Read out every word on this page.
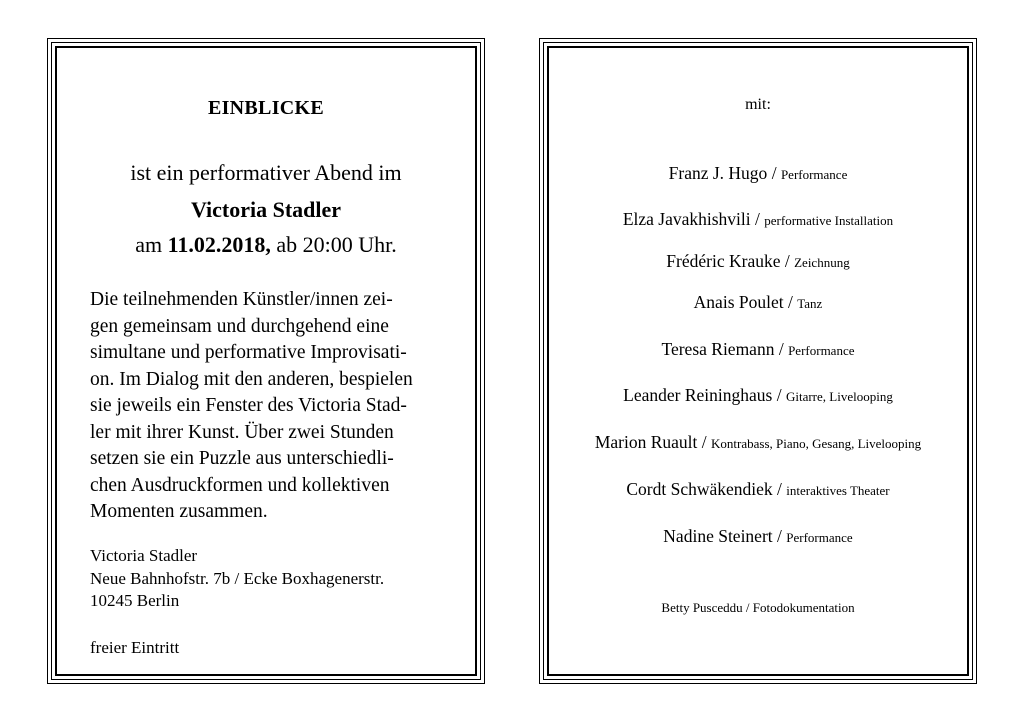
EINBLICKE
ist ein performativer Abend im
Victoria Stadler
am 11.02.2018, ab 20:00 Uhr.
Die teilnehmenden Künstler/innen zei-
gen gemeinsam und durchgehend eine
simultane und performative Improvisati-
on. Im Dialog mit den anderen, bespielen
sie jeweils ein Fenster des Victoria Stad-
ler mit ihrer Kunst. Über zwei Stunden
setzen sie ein Puzzle aus unterschiedli-
chen Ausdruckformen und kollektiven
Momenten zusammen.
Victoria Stadler
Neue Bahnhofstr. 7b / Ecke Boxhagenerstr.
10245 Berlin
freier Eintritt
mit:
Franz J. Hugo / Performance
Elza Javakhishvili / performative Installation
Frédéric Krauke / Zeichnung
Anais Poulet / Tanz
Teresa Riemann / Performance
Leander Reininghaus / Gitarre, Livelooping
Marion Ruault / Kontrabass, Piano, Gesang, Livelooping
Cordt Schwäkendiek / interaktives Theater
Nadine Steinert / Performance
Betty Pusceddu / Fotodokumentation
